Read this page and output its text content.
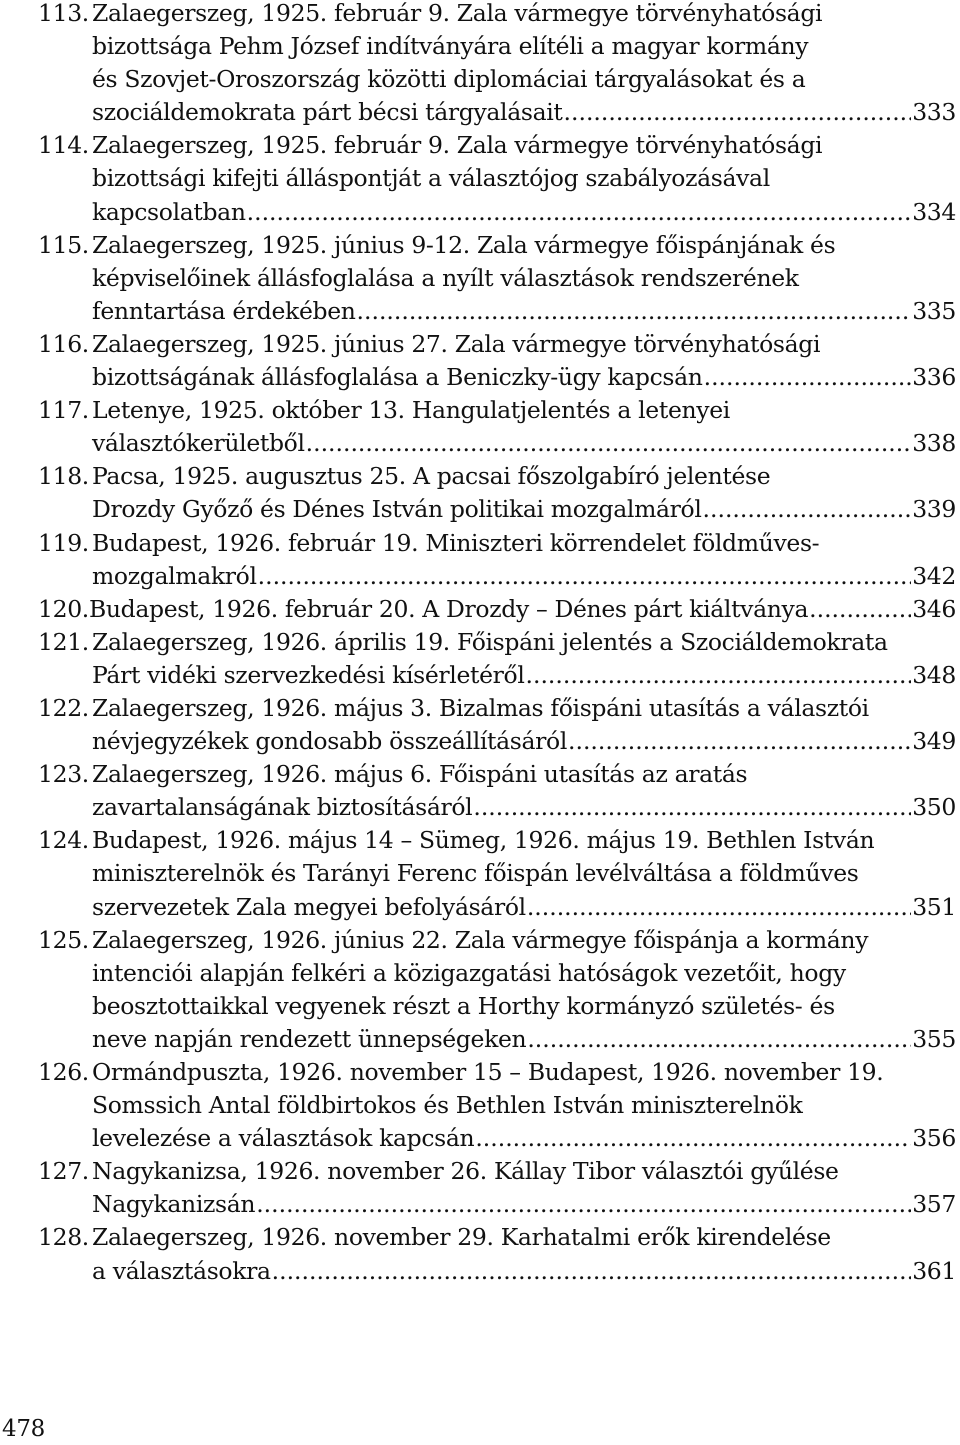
113. Zalaegerszeg, 1925. február 9. Zala vármegye törvényhatósági
bizottsága Pehm József indítványára elítéli a magyar kormány
és Szovjet-Oroszország közötti diplomáciai tárgyalásokat és a
szociáldemokrata párt bécsi tárgyalásait .....	333
114. Zalaegerszeg, 1925. február 9. Zala vármegye törvényhatósági
bizottsági kifejti álláspontját a választójog szabályozásával
kapcsolatban .....	334
115. Zalaegerszeg, 1925. június 9-12. Zala vármegye főispánjának és
képviselőinek állásfoglalása a nyílt választások rendszerének
fenntartása érdekében .....	335
116. Zalaegerszeg, 1925. június 27. Zala vármegye törvényhatósági
bizottságának állásfoglalása a Beniczky-ügy kapcsán .....	336
117. Letenye, 1925. október 13. Hangulatjelentés a letenyei
választókerületből .....	338
118. Pacsa, 1925. augusztus 25. A pacsai főszolgabíró jelentése
Drozdy Győző és Dénes István politikai mozgalmáról .....	339
119. Budapest, 1926. február 19. Miniszteri körrendelet földműves-
mozgalmakról .....	342
120. Budapest, 1926. február 20. A Drozdy – Dénes párt kiáltványa .....	346
121. Zalaegerszeg, 1926. április 19. Főispáni jelentés a Szociáldemokrata
Párt vidéki szervezkedési kísérletéről .....	348
122. Zalaegerszeg, 1926. május 3. Bizalmas főispáni utasítás a választói
névjegyzékek gondosabb összeállításáról .....	349
123. Zalaegerszeg, 1926. május 6. Főispáni utasítás az aratás
zavartalanságának biztosításáról .....	350
124. Budapest, 1926. május 14 – Sümeg, 1926. május 19. Bethlen István
miniszterelnök és Tarányi Ferenc főispán levélváltása a földműves
szervezetek Zala megyei befolyásáról .....	351
125. Zalaegerszeg, 1926. június 22. Zala vármegye főispánja a kormány
intenciói alapján felkéri a közigazgatási hatóságok vezetőit, hogy
beosztottaikkal vegyenek részt a Horthy kormányzó születés- és
neve napján rendezett ünnepségeken .....	355
126. Ormándpuszta, 1926. november 15 – Budapest, 1926. november 19.
Somssich Antal földbirtokos és Bethlen István miniszterelnök
levelezése a választások kapcsán .....	356
127. Nagykanizsa, 1926. november 26. Kállay Tibor választói gyűlése
Nagykanizsán .....	357
128. Zalaegerszeg, 1926. november 29. Karhatalmi erők kirendelése
a választásokra .....	361
478
